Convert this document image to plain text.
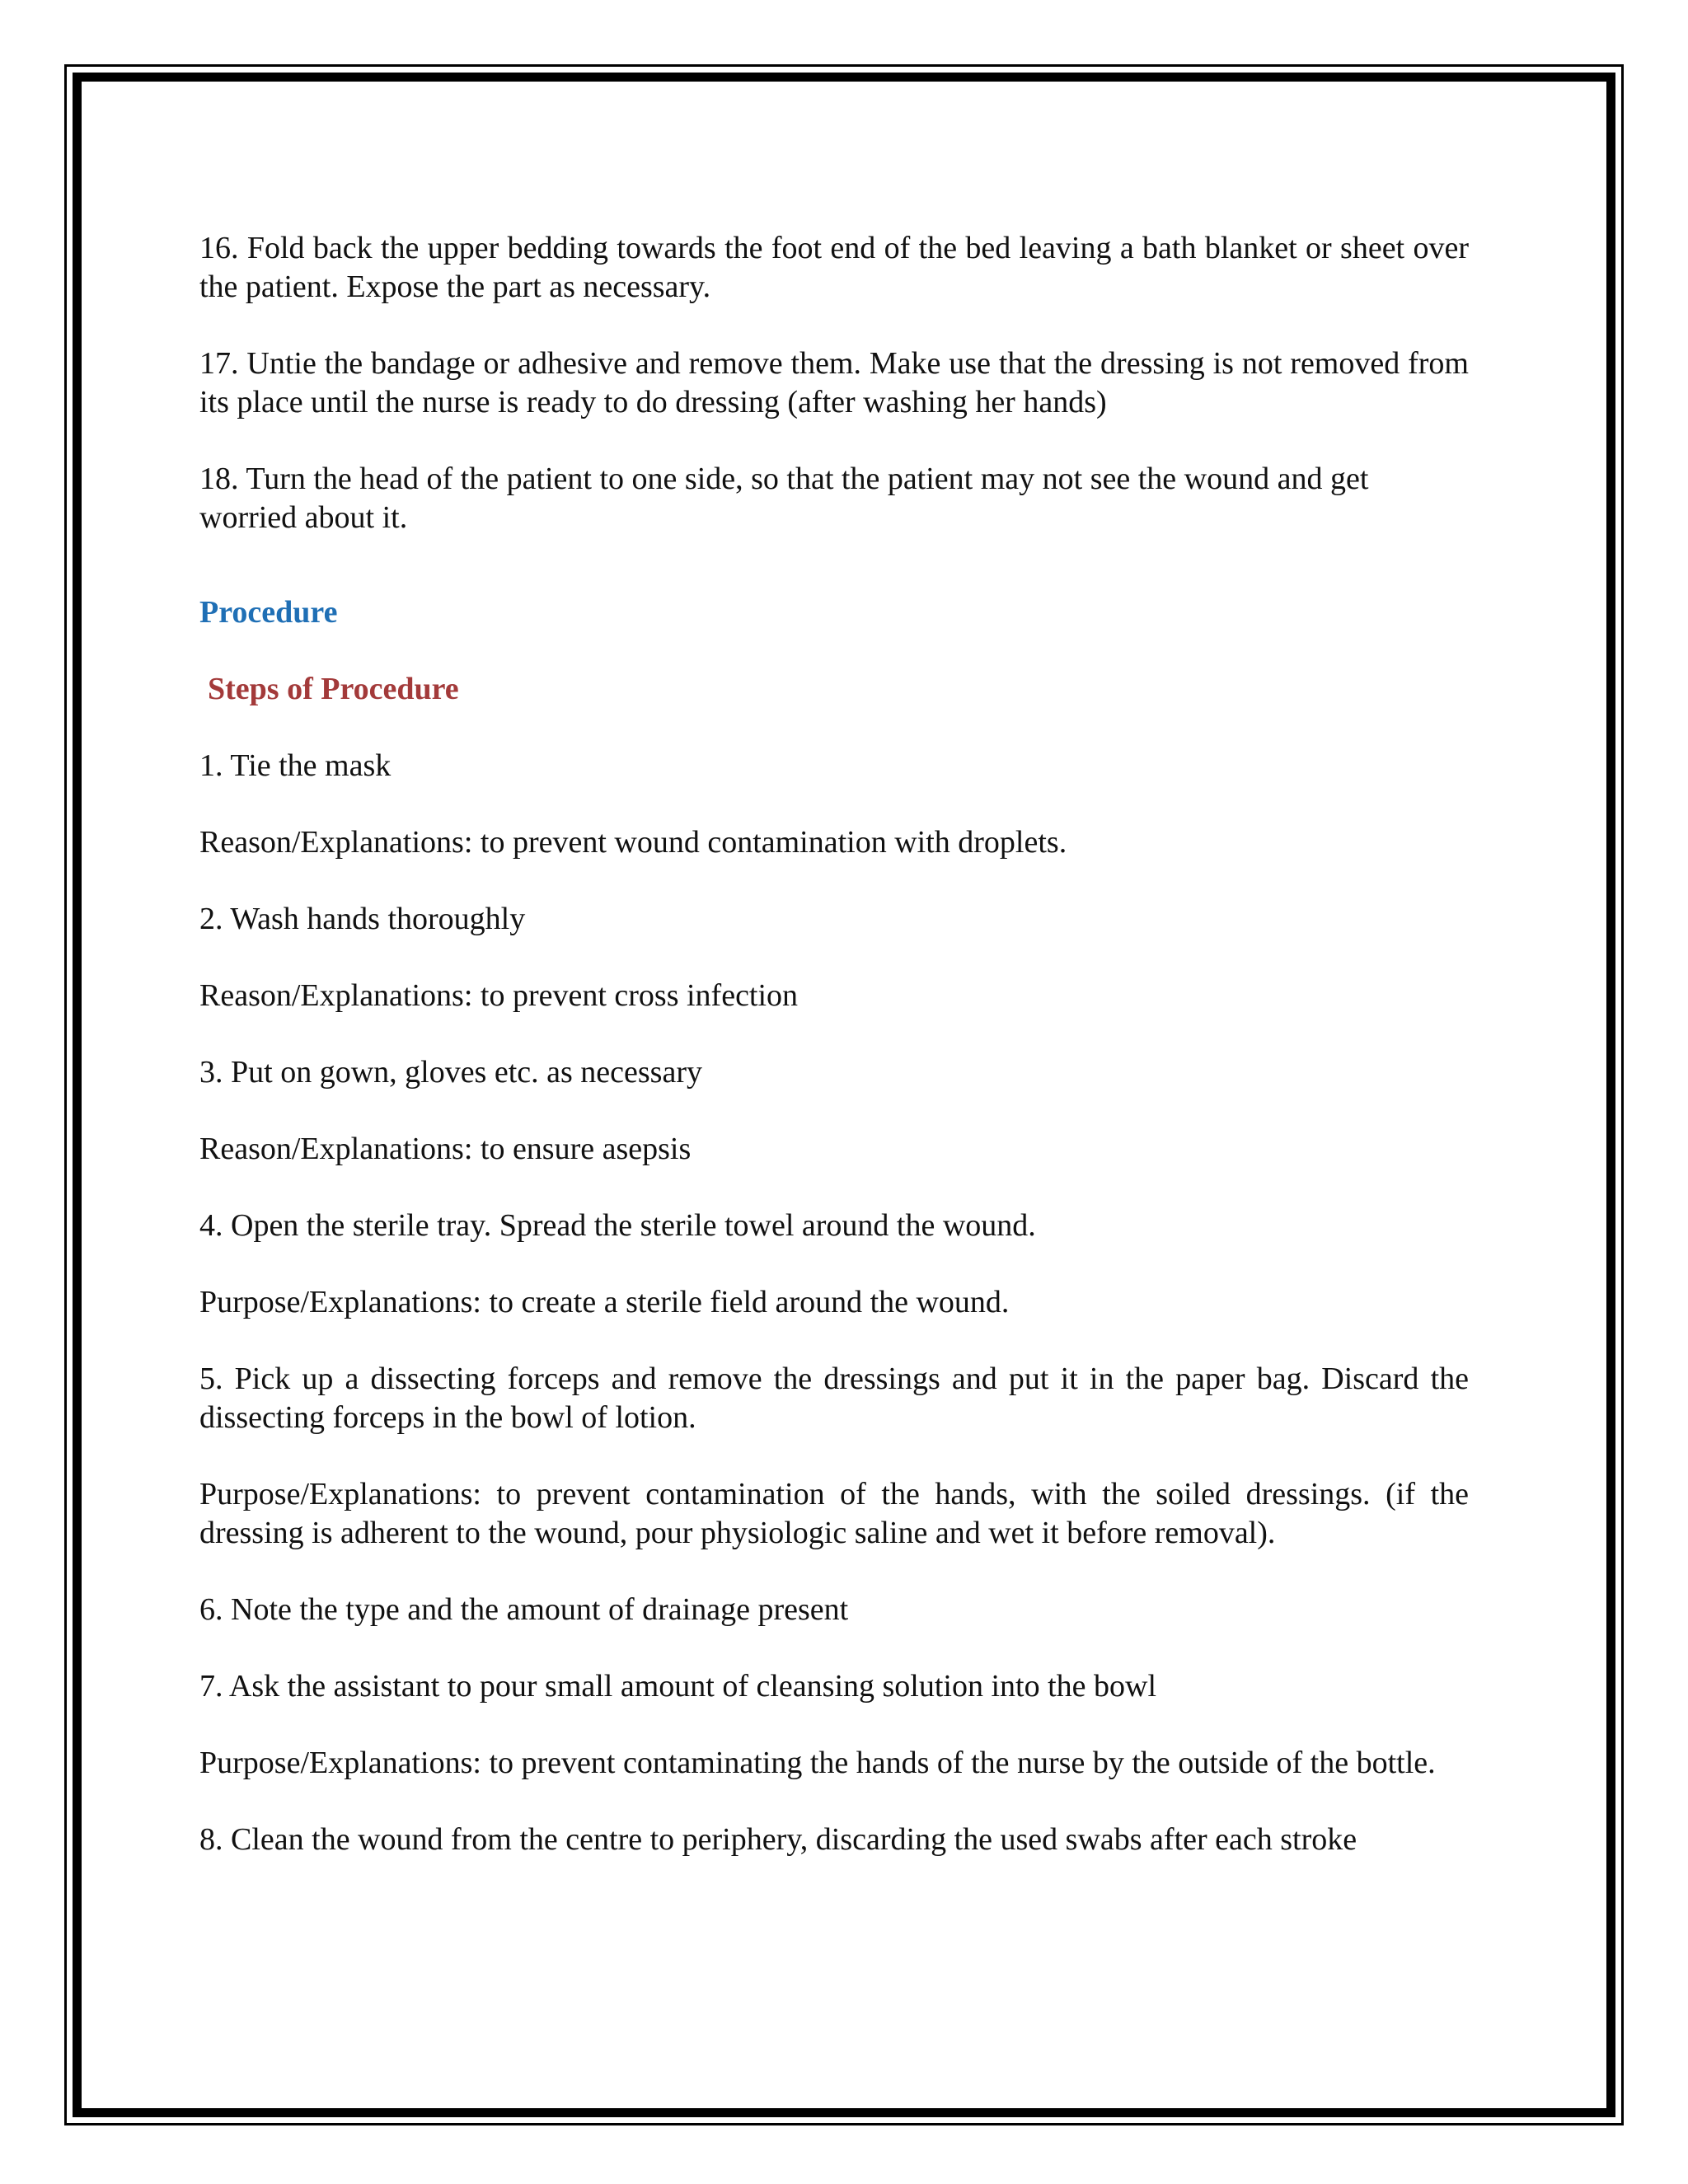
16. Fold back the upper bedding towards the foot end of the bed leaving a bath blanket or sheet over the patient. Expose the part as necessary.

17. Untie the bandage or adhesive and remove them. Make use that the dressing is not removed from its place until the nurse is ready to do dressing (after washing her hands)

18. Turn the head of the patient to one side, so that the patient may not see the wound and get worried about it.

Procedure

Steps of Procedure

1. Tie the mask

Reason/Explanations: to prevent wound contamination with droplets.

2. Wash hands thoroughly

Reason/Explanations: to prevent cross infection

3. Put on gown, gloves etc. as necessary

Reason/Explanations: to ensure asepsis

4. Open the sterile tray. Spread the sterile towel around the wound.

Purpose/Explanations: to create a sterile field around the wound.

5. Pick up a dissecting forceps and remove the dressings and put it in the paper bag. Discard the dissecting forceps in the bowl of lotion.

Purpose/Explanations: to prevent contamination of the hands, with the soiled dressings. (if the dressing is adherent to the wound, pour physiologic saline and wet it before removal).

6. Note the type and the amount of drainage present

7. Ask the assistant to pour small amount of cleansing solution into the bowl

Purpose/Explanations: to prevent contaminating the hands of the nurse by the outside of the bottle.

8. Clean the wound from the centre to periphery, discarding the used swabs after each stroke
